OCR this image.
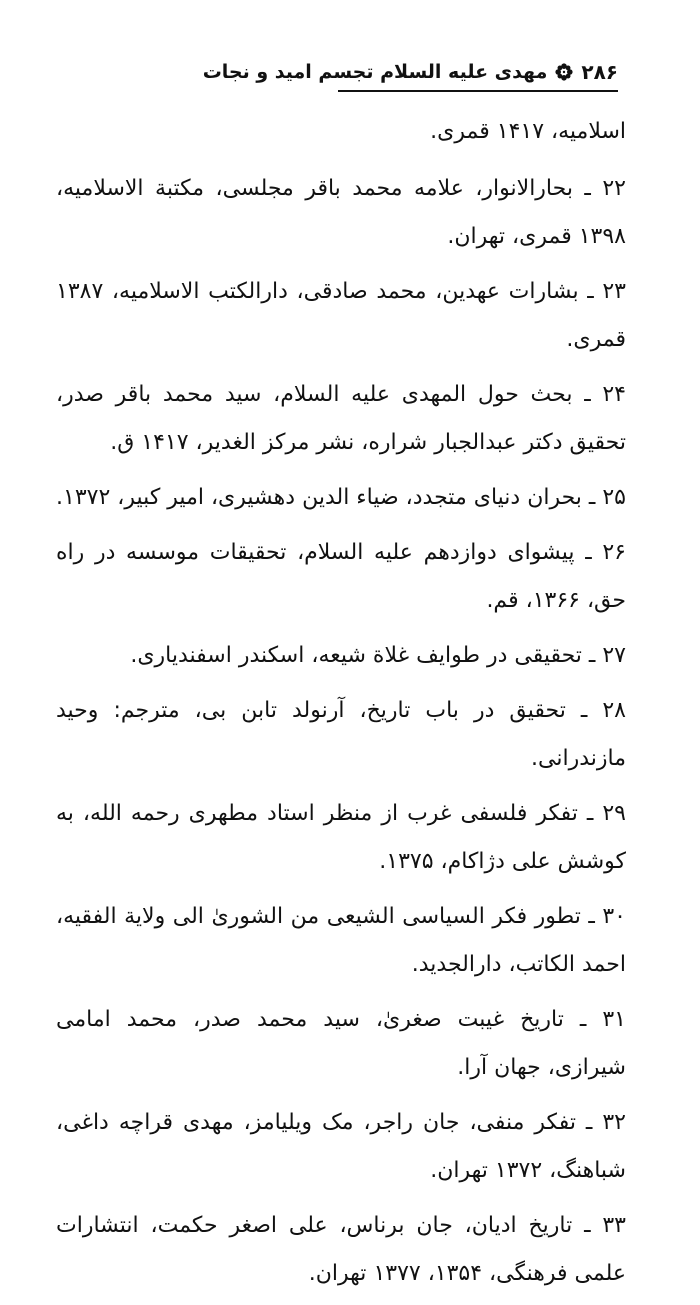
۲۸۶
مهدی علیه السلام تجسم امید و نجات

اسلامیه، ۱۴۱۷ قمری.

۲۲ ـ بحارالانوار، علامه محمد باقر مجلسی، مکتبة الاسلامیه، ۱۳۹۸ قمری، تهران.

۲۳ ـ بشارات عهدین، محمد صادقی، دارالکتب الاسلامیه، ۱۳۸۷ قمری.

۲۴ ـ بحث حول المهدی علیه السلام، سید محمد باقر صدر، تحقیق دکتر عبدالجبار شراره، نشر مرکز الغدیر، ۱۴۱۷ ق.

۲۵ ـ بحران دنیای متجدد، ضیاء الدین دهشیری، امیر کبیر، ۱۳۷۲.

۲۶ ـ پیشوای دوازدهم علیه السلام، تحقیقات موسسه در راه حق، ۱۳۶۶، قم.

۲۷ ـ تحقیقی در طوایف غلاة شیعه، اسکندر اسفندیاری.

۲۸ ـ تحقیق در باب تاریخ، آرنولد تابن بی، مترجم: وحید مازندرانی.

۲۹ ـ تفکر فلسفی غرب از منظر استاد مطهری رحمه الله، به کوشش علی دژاکام، ۱۳۷۵.

۳۰ ـ تطور فکر السیاسی الشیعی من الشوریٰ الی ولایة الفقیه، احمد الکاتب، دارالجدید.

۳۱ ـ تاریخ غیبت صغریٰ، سید محمد صدر، محمد امامی شیرازی، جهان آرا.

۳۲ ـ تفکر منفی، جان راجر، مک ویلیامز، مهدی قراچه داغی، شباهنگ، ۱۳۷۲ تهران.

۳۳ ـ تاریخ ادیان، جان برناس، علی اصغر حکمت، انتشارات علمی فرهنگی، ۱۳۵۴، ۱۳۷۷ تهران.
